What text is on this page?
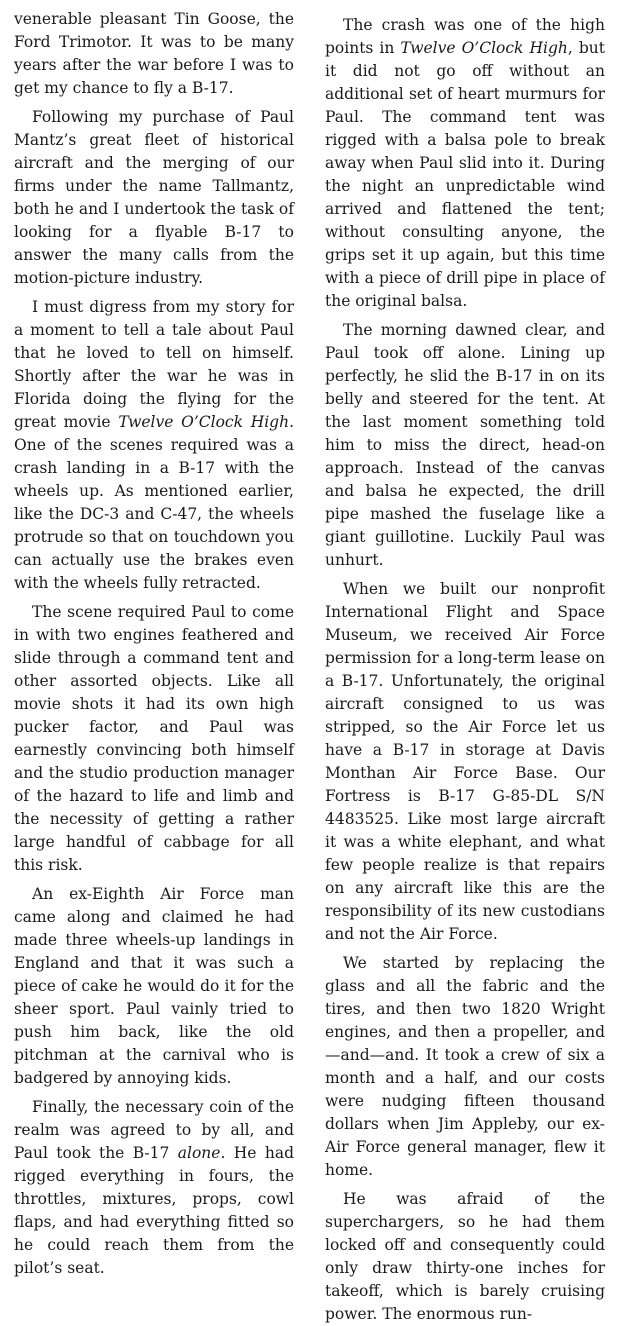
venerable pleasant Tin Goose, the Ford Trimotor. It was to be many years after the war before I was to get my chance to fly a B-17.

Following my purchase of Paul Mantz’s great fleet of historical aircraft and the merging of our firms under the name Tallmantz, both he and I undertook the task of looking for a flyable B-17 to answer the many calls from the motion-picture industry.

I must digress from my story for a moment to tell a tale about Paul that he loved to tell on himself. Shortly after the war he was in Florida doing the flying for the great movie Twelve O’Clock High. One of the scenes required was a crash landing in a B-17 with the wheels up. As mentioned earlier, like the DC-3 and C-47, the wheels protrude so that on touchdown you can actually use the brakes even with the wheels fully retracted.

The scene required Paul to come in with two engines feathered and slide through a command tent and other assorted objects. Like all movie shots it had its own high pucker factor, and Paul was earnestly convincing both himself and the studio production manager of the hazard to life and limb and the necessity of getting a rather large handful of cabbage for all this risk.

An ex-Eighth Air Force man came along and claimed he had made three wheels-up landings in England and that it was such a piece of cake he would do it for the sheer sport. Paul vainly tried to push him back, like the old pitchman at the carnival who is badgered by annoying kids.

Finally, the necessary coin of the realm was agreed to by all, and Paul took the B-17 alone. He had rigged everything in fours, the throttles, mixtures, props, cowl flaps, and had everything fitted so he could reach them from the pilot’s seat.

The crash was one of the high points in Twelve O’Clock High, but it did not go off without an additional set of heart murmurs for Paul. The command tent was rigged with a balsa pole to break away when Paul slid into it. During the night an unpredictable wind arrived and flattened the tent; without consulting anyone, the grips set it up again, but this time with a piece of drill pipe in place of the original balsa.

The morning dawned clear, and Paul took off alone. Lining up perfectly, he slid the B-17 in on its belly and steered for the tent. At the last moment something told him to miss the direct, head-on approach. Instead of the canvas and balsa he expected, the drill pipe mashed the fuselage like a giant guillotine. Luckily Paul was unhurt.

When we built our nonprofit International Flight and Space Museum, we received Air Force permission for a long-term lease on a B-17. Unfortunately, the original aircraft consigned to us was stripped, so the Air Force let us have a B-17 in storage at Davis Monthan Air Force Base. Our Fortress is B-17 G-85-DL S/N 4483525. Like most large aircraft it was a white elephant, and what few people realize is that repairs on any aircraft like this are the responsibility of its new custodians and not the Air Force.

We started by replacing the glass and all the fabric and the tires, and then two 1820 Wright engines, and then a propeller, and—and—and. It took a crew of six a month and a half, and our costs were nudging fifteen thousand dollars when Jim Appleby, our ex-Air Force general manager, flew it home.

He was afraid of the superchargers, so he had them locked off and consequently could only draw thirty-one inches for takeoff, which is barely cruising power. The enormous run-
